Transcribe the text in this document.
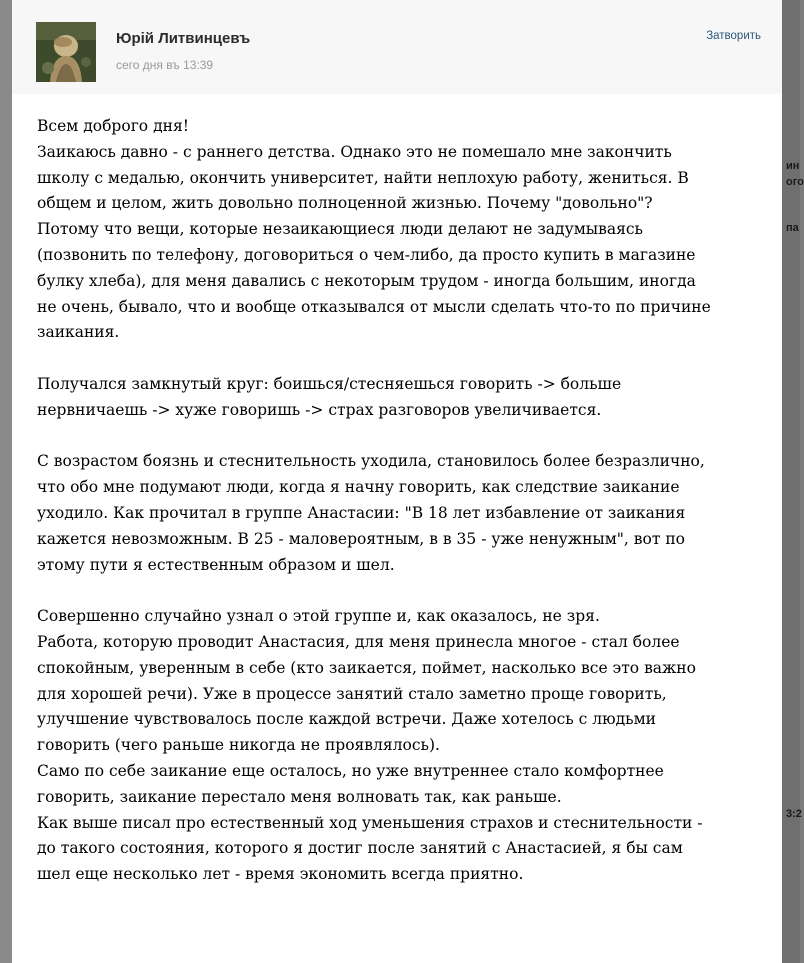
ин
ого
па
3:2
Юрій Литвинцевъ
сего дня въ 13:39
Затворить
Всем доброго дня!
Заикаюсь давно - с раннего детства. Однако это не помешало мне закончить
школу с медалью, окончить университет, найти неплохую работу, жениться. В
общем и целом, жить довольно полноценной жизнью. Почему "довольно"?
Потому что вещи, которые незаикающиеся люди делают не задумываясь
(позвонить по телефону, договориться о чем-либо, да просто купить в магазине
булку хлеба), для меня давались с некоторым трудом - иногда большим, иногда
не очень, бывало, что и вообще отказывался от мысли сделать что-то по причине
заикания.
Получался замкнутый круг: боишься/стесняешься говорить -> больше
нервничаешь -> хуже говоришь -> страх разговоров увеличивается.
С возрастом боязнь и стеснительность уходила, становилось более безразлично,
что обо мне подумают люди, когда я начну говорить, как следствие заикание
уходило. Как прочитал в группе Анастасии: "В 18 лет избавление от заикания
кажется невозможным. В 25 - маловероятным, в в 35 - уже ненужным", вот по
этому пути я естественным образом и шел.
Совершенно случайно узнал о этой группе и, как оказалось, не зря.
Работа, которую проводит Анастасия, для меня принесла многое - стал более
спокойным, уверенным в себе (кто заикается, поймет, насколько все это важно
для хорошей речи). Уже в процессе занятий стало заметно проще говорить,
улучшение чувствовалось после каждой встречи. Даже хотелось с людьми
говорить (чего раньше никогда не проявлялось).
Само по себе заикание еще осталось, но уже внутреннее стало комфортнее
говорить, заикание перестало меня волновать так, как раньше.
Как выше писал про естественный ход уменьшения страхов и стеснительности -
до такого состояния, которого я достиг после занятий с Анастасией, я бы сам
шел еще несколько лет - время экономить всегда приятно.
